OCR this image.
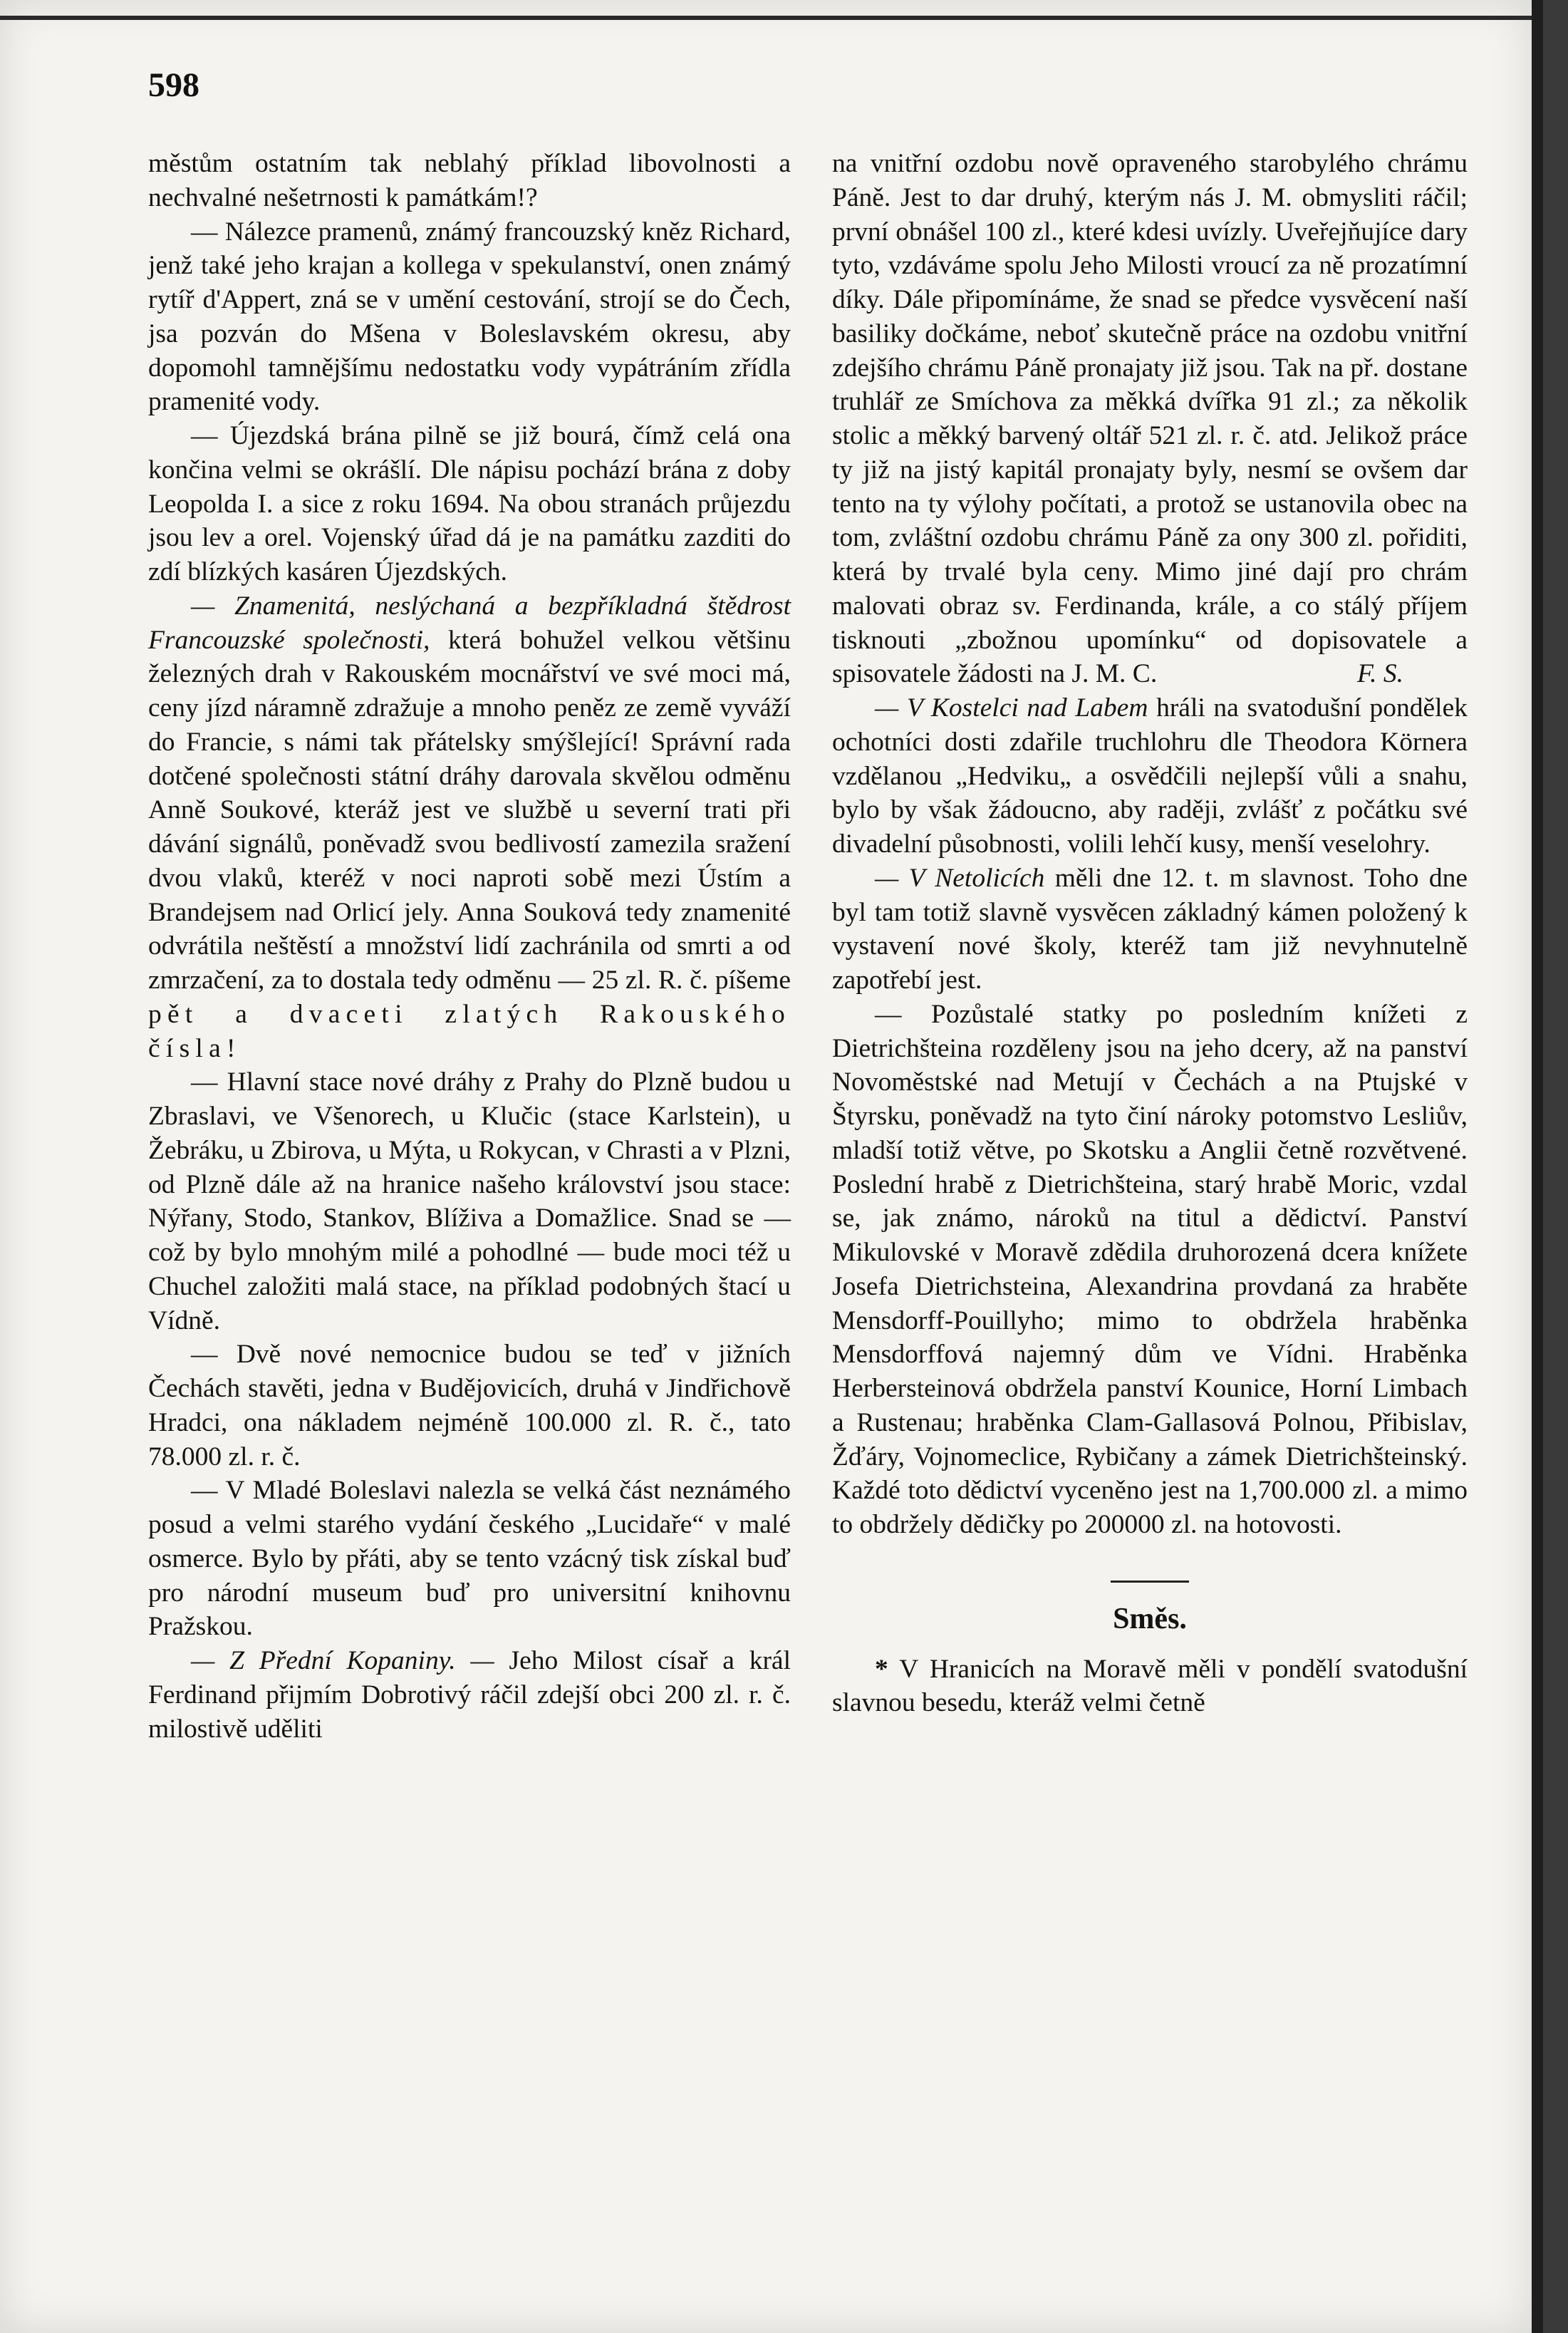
598

městům ostatním tak neblahý příklad libovolnosti a nechvalné nešetrnosti k památkám!?

— Nálezce pramenů, známý francouzský kněz Richard, jenž také jeho krajan a kollega v spekulanství, onen známý rytíř d'Appert, zná se v umění cestování, strojí se do Čech, jsa pozván do Mšena v Boleslavském okresu, aby dopomohl tamnějšímu nedostatku vody vypátráním zřídla pramenité vody.

— Újezdská brána pilně se již bourá, čímž celá ona končina velmi se okrášlí. Dle nápisu pochází brána z doby Leopolda I. a sice z roku 1694. Na obou stranách průjezdu jsou lev a orel. Vojenský úřad dá je na památku zazditi do zdí blízkých kasáren Újezdských.

— Znamenitá, neslýchaná a bezpříkladná štědrost Francouzské společnosti, která bohužel velkou většinu železných drah v Rakouském mocnářství ve své moci má, ceny jízd náramně zdražuje a mnoho peněz ze země vyváží do Francie, s námi tak přátelsky smýšlející! Správní rada dotčené společnosti státní dráhy darovala skvělou odměnu Anně Soukové, kteráž jest ve službě u severní trati při dávání signálů, poněvadž svou bedlivostí zamezila sražení dvou vlaků, kteréž v noci naproti sobě mezi Ústím a Brandejsem nad Orlicí jely. Anna Souková tedy znamenité odvrátila neštěstí a množství lidí zachránila od smrti a od zmrzačení, za to dostala tedy odměnu — 25 zl. R. č. píšeme pět a dvaceti zlatých Rakouského čísla!

— Hlavní stace nové dráhy z Prahy do Plzně budou u Zbraslavi, ve Všenorech, u Klučic (stace Karlstein), u Žebráku, u Zbirova, u Mýta, u Rokycan, v Chrasti a v Plzni, od Plzně dále až na hranice našeho království jsou stace: Nýřany, Stodo, Stankov, Blíživa a Domažlice. Snad se — což by bylo mnohým milé a pohodlné — bude moci též u Chuchel založiti malá stace, na příklad podobných štací u Vídně.

— Dvě nové nemocnice budou se teď v jižních Čechách stavěti, jedna v Budějovicích, druhá v Jindřichově Hradci, ona nákladem nejméně 100.000 zl. R. č., tato 78.000 zl. r. č.

— V Mladé Boleslavi nalezla se velká část neznámého posud a velmi starého vydání českého „Lucidaře“ v malé osmerce. Bylo by přáti, aby se tento vzácný tisk získal buď pro národní museum buď pro universitní knihovnu Pražskou.

— Z Přední Kopaniny. — Jeho Milost císař a král Ferdinand přijmím Dobrotivý ráčil zdejší obci 200 zl. r. č. milostivě uděliti

na vnitřní ozdobu nově opraveného starobylého chrámu Páně. Jest to dar druhý, kterým nás J. M. obmysliti ráčil; první obnášel 100 zl., které kdesi uvízly. Uveřejňujíce dary tyto, vzdáváme spolu Jeho Milosti vroucí za ně prozatímní díky. Dále připomínáme, že snad se předce vysvěcení naší basiliky dočkáme, neboť skutečně práce na ozdobu vnitřní zdejšího chrámu Páně pronajaty již jsou. Tak na př. dostane truhlář ze Smíchova za měkká dvířka 91 zl.; za několik stolic a měkký barvený oltář 521 zl. r. č. atd. Jelikož práce ty již na jistý kapitál pronajaty byly, nesmí se ovšem dar tento na ty výlohy počítati, a protož se ustanovila obec na tom, zvláštní ozdobu chrámu Páně za ony 300 zl. pořiditi, která by trvalé byla ceny. Mimo jiné dají pro chrám malovati obraz sv. Ferdinanda, krále, a co stálý příjem tisknouti „zbožnou upomínku“ od dopisovatele a spisovatele žádosti na J. M. C.	F. S.

— V Kostelci nad Labem hráli na svatodušní pondělek ochotníci dosti zdařile truchlohru dle Theodora Körnera vzdělanou „Hedviku„ a osvědčili nejlepší vůli a snahu, bylo by však žádoucno, aby raději, zvlášť z počátku své divadelní působnosti, volili lehčí kusy, menší veselohry.

— V Netolicích měli dne 12. t. m slavnost. Toho dne byl tam totiž slavně vysvěcen základný kámen položený k vystavení nové školy, kteréž tam již nevyhnutelně zapotřebí jest.

— Pozůstalé statky po posledním knížeti z Dietrichšteina rozděleny jsou na jeho dcery, až na panství Novoměstské nad Metují v Čechách a na Ptujské v Štyrsku, poněvadž na tyto činí nároky potomstvo Lesliův, mladší totiž větve, po Skotsku a Anglii četně rozvětvené. Poslední hrabě z Dietrichšteina, starý hrabě Moric, vzdal se, jak známo, nároků na titul a dědictví. Panství Mikulovské v Moravě zdědila druhorozená dcera knížete Josefa Dietrichsteina, Alexandrina provdaná za hraběte Mensdorff-Pouillyho; mimo to obdržela hraběnka Mensdorffová najemný dům ve Vídni. Hraběnka Herbersteinová obdržela panství Kounice, Horní Limbach a Rustenau; hraběnka Clam-Gallasová Polnou, Přibislav, Žďáry, Vojnomeclice, Rybičany a zámek Dietrichšteinský. Každé toto dědictví vyceněno jest na 1,700.000 zl. a mimo to obdržely dědičky po 200000 zl. na hotovosti.

Směs.

* V Hranicích na Moravě měli v pondělí svatodušní slavnou besedu, kteráž velmi četně
